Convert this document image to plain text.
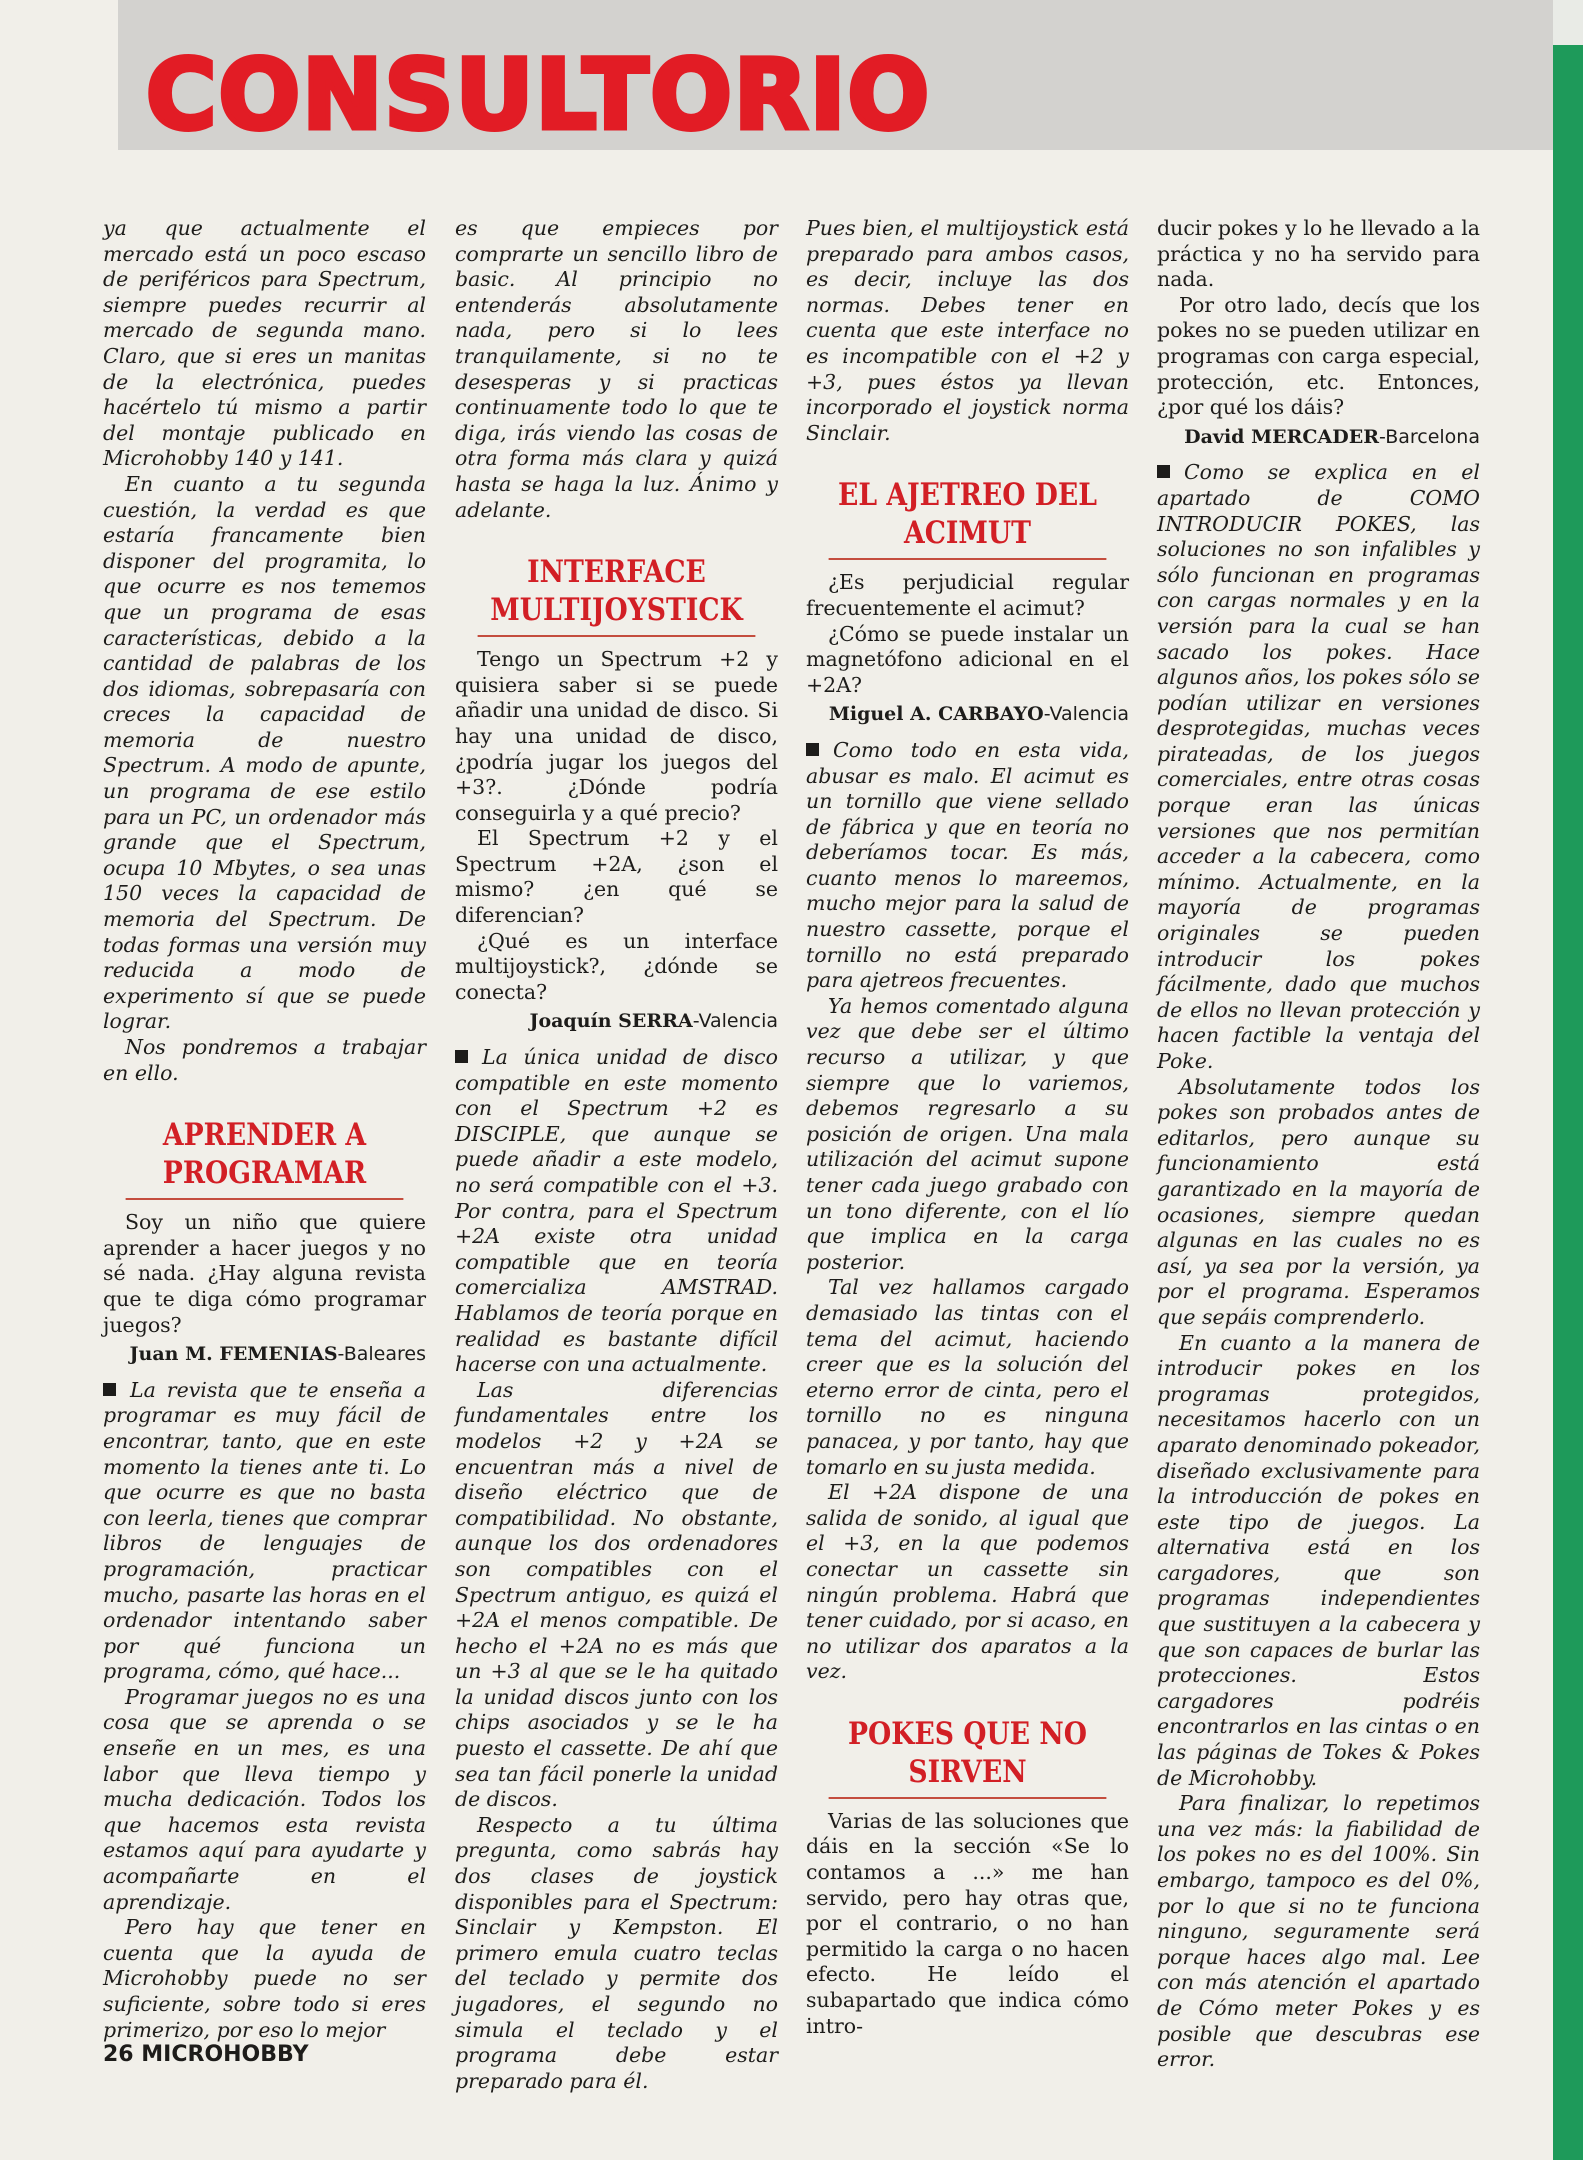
CONSULTORIO

ya que actualmente el mercado está un poco escaso de periféricos para Spectrum, siempre puedes recurrir al mercado de segunda mano. Claro, que si eres un manitas de la electrónica, puedes hacértelo tú mismo a partir del montaje publicado en Microhobby 140 y 141.

En cuanto a tu segunda cuestión, la verdad es que estaría francamente bien disponer del programita, lo que ocurre es nos tememos que un programa de esas características, debido a la cantidad de palabras de los dos idiomas, sobrepasaría con creces la capacidad de memoria de nuestro Spectrum. A modo de apunte, un programa de ese estilo para un PC, un ordenador más grande que el Spectrum, ocupa 10 Mbytes, o sea unas 150 veces la capacidad de memoria del Spectrum. De todas formas una versión muy reducida a modo de experimento sí que se puede lograr.

Nos pondremos a trabajar en ello.

APRENDER A PROGRAMAR

Soy un niño que quiere aprender a hacer juegos y no sé nada. ¿Hay alguna revista que te diga cómo programar juegos?

Juan M. FEMENIAS-Baleares

La revista que te enseña a programar es muy fácil de encontrar, tanto, que en este momento la tienes ante ti. Lo que ocurre es que no basta con leerla, tienes que comprar libros de lenguajes de programación, practicar mucho, pasarte las horas en el ordenador intentando saber por qué funciona un programa, cómo, qué hace...

Programar juegos no es una cosa que se aprenda o se enseñe en un mes, es una labor que lleva tiempo y mucha dedicación. Todos los que hacemos esta revista estamos aquí para ayudarte y acompañarte en el aprendizaje.

Pero hay que tener en cuenta que la ayuda de Microhobby puede no ser suficiente, sobre todo si eres primerizo, por eso lo mejor

es que empieces por comprarte un sencillo libro de basic. Al principio no entenderás absolutamente nada, pero si lo lees tranquilamente, si no te desesperas y si practicas continuamente todo lo que te diga, irás viendo las cosas de otra forma más clara y quizá hasta se haga la luz. Ánimo y adelante.

INTERFACE MULTIJOYSTICK

Tengo un Spectrum +2 y quisiera saber si se puede añadir una unidad de disco. Si hay una unidad de disco, ¿podría jugar los juegos del +3?. ¿Dónde podría conseguirla y a qué precio?

El Spectrum +2 y el Spectrum +2A, ¿son el mismo? ¿en qué se diferencian?

¿Qué es un interface multijoystick?, ¿dónde se conecta?

Joaquín SERRA-Valencia

La única unidad de disco compatible en este momento con el Spectrum +2 es DISCIPLE, que aunque se puede añadir a este modelo, no será compatible con el +3. Por contra, para el Spectrum +2A existe otra unidad compatible que en teoría comercializa AMSTRAD. Hablamos de teoría porque en realidad es bastante difícil hacerse con una actualmente.

Las diferencias fundamentales entre los modelos +2 y +2A se encuentran más a nivel de diseño eléctrico que de compatibilidad. No obstante, aunque los dos ordenadores son compatibles con el Spectrum antiguo, es quizá el +2A el menos compatible. De hecho el +2A no es más que un +3 al que se le ha quitado la unidad discos junto con los chips asociados y se le ha puesto el cassette. De ahí que sea tan fácil ponerle la unidad de discos.

Respecto a tu última pregunta, como sabrás hay dos clases de joystick disponibles para el Spectrum: Sinclair y Kempston. El primero emula cuatro teclas del teclado y permite dos jugadores, el segundo no simula el teclado y el programa debe estar preparado para él.

Pues bien, el multijoystick está preparado para ambos casos, es decir, incluye las dos normas. Debes tener en cuenta que este interface no es incompatible con el +2 y +3, pues éstos ya llevan incorporado el joystick norma Sinclair.

EL AJETREO DEL ACIMUT

¿Es perjudicial regular frecuentemente el acimut?

¿Cómo se puede instalar un magnetófono adicional en el +2A?

Miguel A. CARBAYO-Valencia

Como todo en esta vida, abusar es malo. El acimut es un tornillo que viene sellado de fábrica y que en teoría no deberíamos tocar. Es más, cuanto menos lo mareemos, mucho mejor para la salud de nuestro cassette, porque el tornillo no está preparado para ajetreos frecuentes.

Ya hemos comentado alguna vez que debe ser el último recurso a utilizar, y que siempre que lo variemos, debemos regresarlo a su posición de origen. Una mala utilización del acimut supone tener cada juego grabado con un tono diferente, con el lío que implica en la carga posterior.

Tal vez hallamos cargado demasiado las tintas con el tema del acimut, haciendo creer que es la solución del eterno error de cinta, pero el tornillo no es ninguna panacea, y por tanto, hay que tomarlo en su justa medida.

El +2A dispone de una salida de sonido, al igual que el +3, en la que podemos conectar un cassette sin ningún problema. Habrá que tener cuidado, por si acaso, en no utilizar dos aparatos a la vez.

POKES QUE NO SIRVEN

Varias de las soluciones que dáis en la sección «Se lo contamos a ...» me han servido, pero hay otras que, por el contrario, o no han permitido la carga o no hacen efecto. He leído el subapartado que indica cómo intro-

ducir pokes y lo he llevado a la práctica y no ha servido para nada.

Por otro lado, decís que los pokes no se pueden utilizar en programas con carga especial, protección, etc. Entonces, ¿por qué los dáis?

David MERCADER-Barcelona

Como se explica en el apartado de COMO INTRODUCIR POKES, las soluciones no son infalibles y sólo funcionan en programas con cargas normales y en la versión para la cual se han sacado los pokes. Hace algunos años, los pokes sólo se podían utilizar en versiones desprotegidas, muchas veces pirateadas, de los juegos comerciales, entre otras cosas porque eran las únicas versiones que nos permitían acceder a la cabecera, como mínimo. Actualmente, en la mayoría de programas originales se pueden introducir los pokes fácilmente, dado que muchos de ellos no llevan protección y hacen factible la ventaja del Poke.

Absolutamente todos los pokes son probados antes de editarlos, pero aunque su funcionamiento está garantizado en la mayoría de ocasiones, siempre quedan algunas en las cuales no es así, ya sea por la versión, ya por el programa. Esperamos que sepáis comprenderlo.

En cuanto a la manera de introducir pokes en los programas protegidos, necesitamos hacerlo con un aparato denominado pokeador, diseñado exclusivamente para la introducción de pokes en este tipo de juegos. La alternativa está en los cargadores, que son programas independientes que sustituyen a la cabecera y que son capaces de burlar las protecciones. Estos cargadores podréis encontrarlos en las cintas o en las páginas de Tokes & Pokes de Microhobby.

Para finalizar, lo repetimos una vez más: la fiabilidad de los pokes no es del 100%. Sin embargo, tampoco es del 0%, por lo que si no te funciona ninguno, seguramente será porque haces algo mal. Lee con más atención el apartado de Cómo meter Pokes y es posible que descubras ese error.

26 MICROHOBBY
